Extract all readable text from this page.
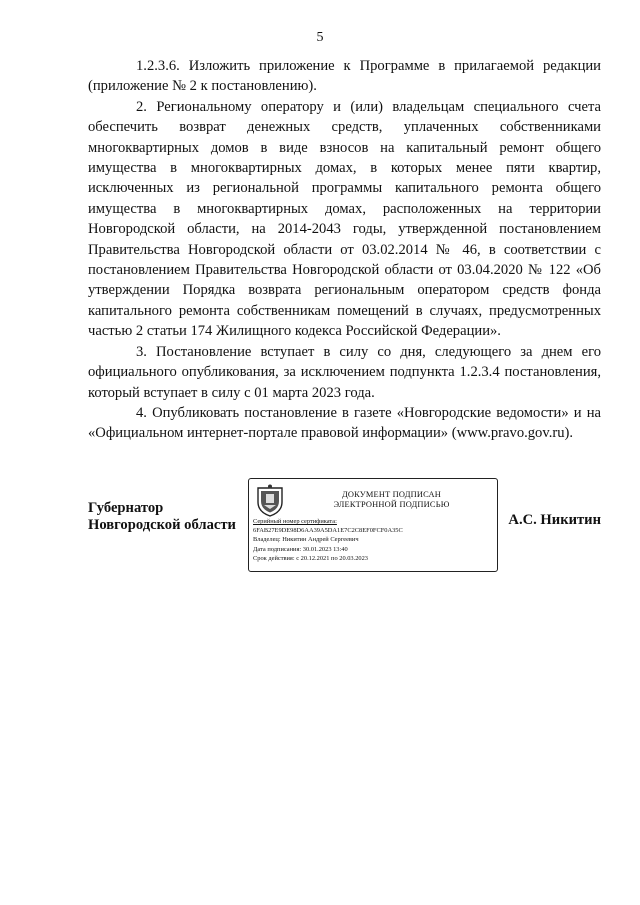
5

1.2.3.6. Изложить приложение к Программе в прилагаемой редакции (приложение № 2 к постановлению).

2. Региональному оператору и (или) владельцам специального счета обеспечить возврат денежных средств, уплаченных собственниками многоквартирных домов в виде взносов на капитальный ремонт общего имущества в многоквартирных домах, в которых менее пяти квартир, исключенных из региональной программы капитального ремонта общего имущества в многоквартирных домах, расположенных на территории Новгородской области, на 2014-2043 годы, утвержденной постановлением Правительства Новгородской области от 03.02.2014 № 46, в соответствии с постановлением Правительства Новгородской области от 03.04.2020 № 122 «Об утверждении Порядка возврата региональным оператором средств фонда капитального ремонта собственникам помещений в случаях, предусмотренных частью 2 статьи 174 Жилищного кодекса Российской Федерации».

3. Постановление вступает в силу со дня, следующего за днем его официального опубликования, за исключением подпункта 1.2.3.4 постановления, который вступает в силу с 01 марта 2023 года.

4. Опубликовать постановление в газете «Новгородские ведомости» и на «Официальном интернет-портале правовой информации» (www.pravo.gov.ru).

Губернатор
Новгородской области
ДОКУМЕНТ ПОДПИСАН
ЭЛЕКТРОННОЙ ПОДПИСЬЮ
Серийный номер сертификата:
6FAB27E9DE98D6AA39A5DA1E7C2C8EF0FCF0A35C
Владелец: Никитин Андрей Сергеевич
Дата подписания: 30.01.2023 13:40
Срок действия: с 20.12.2021 по 20.03.2023
А.С. Никитин
